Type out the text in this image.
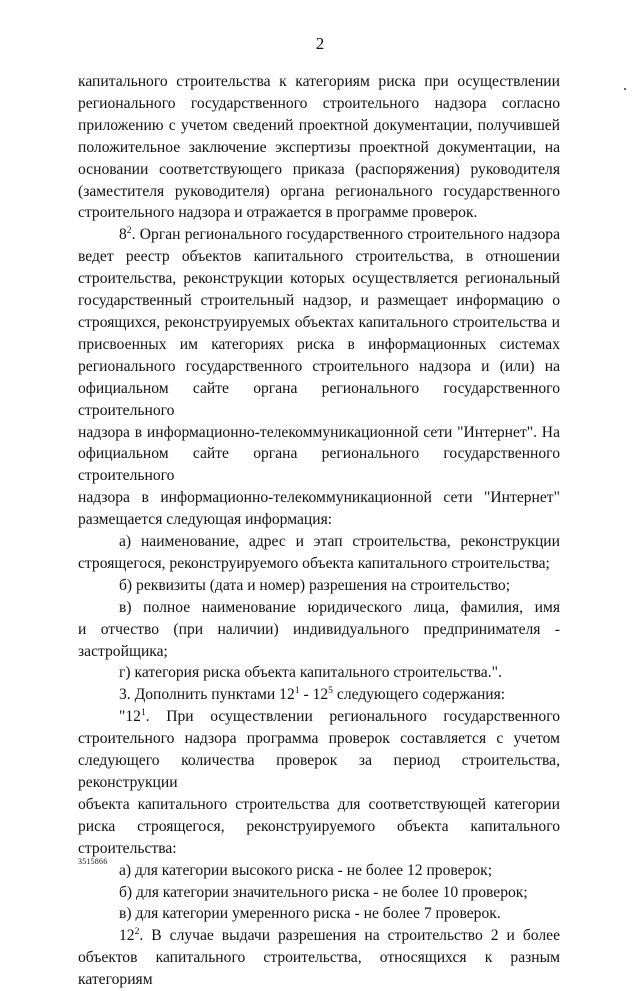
2
капитального строительства к категориям риска при осуществлении
регионального государственного строительного надзора согласно
приложению с учетом сведений проектной документации, получившей
положительное заключение экспертизы проектной документации, на
основании соответствующего приказа (распоряжения) руководителя
(заместителя руководителя) органа регионального государственного
строительного надзора и отражается в программе проверок.
$8^2$. Орган регионального государственного строительного надзора
ведет реестр объектов капитального строительства, в отношении
строительства, реконструкции которых осуществляется региональный
государственный строительный надзор, и размещает информацию о
строящихся, реконструируемых объектах капитального строительства и
присвоенных им категориях риска в информационных системах
регионального государственного строительного надзора и (или) на
официальном сайте органа регионального государственного строительного
надзора в информационно-телекоммуникационной сети "Интернет". На
официальном сайте органа регионального государственного строительного
надзора в информационно-телекоммуникационной сети "Интернет"
размещается следующая информация:
а) наименование, адрес и этап строительства, реконструкции
строящегося, реконструируемого объекта капитального строительства;
б) реквизиты (дата и номер) разрешения на строительство;
в) полное наименование юридического лица, фамилия, имя
и отчество (при наличии) индивидуального предпринимателя -
застройщика;
г) категория риска объекта капитального строительства.".
3. Дополнить пунктами $12^1 - 12^5$ следующего содержания:
"$12^1$. При осуществлении регионального государственного
строительного надзора программа проверок составляется с учетом
следующего количества проверок за период строительства, реконструкции
объекта капитального строительства для соответствующей категории
риска строящегося, реконструируемого объекта капитального
строительства:
а) для категории высокого риска - не более 12 проверок;
б) для категории значительного риска - не более 10 проверок;
в) для категории умеренного риска - не более 7 проверок.
$12^2$. В случае выдачи разрешения на строительство 2 и более
объектов капитального строительства, относящихся к разным категориям
3515866
